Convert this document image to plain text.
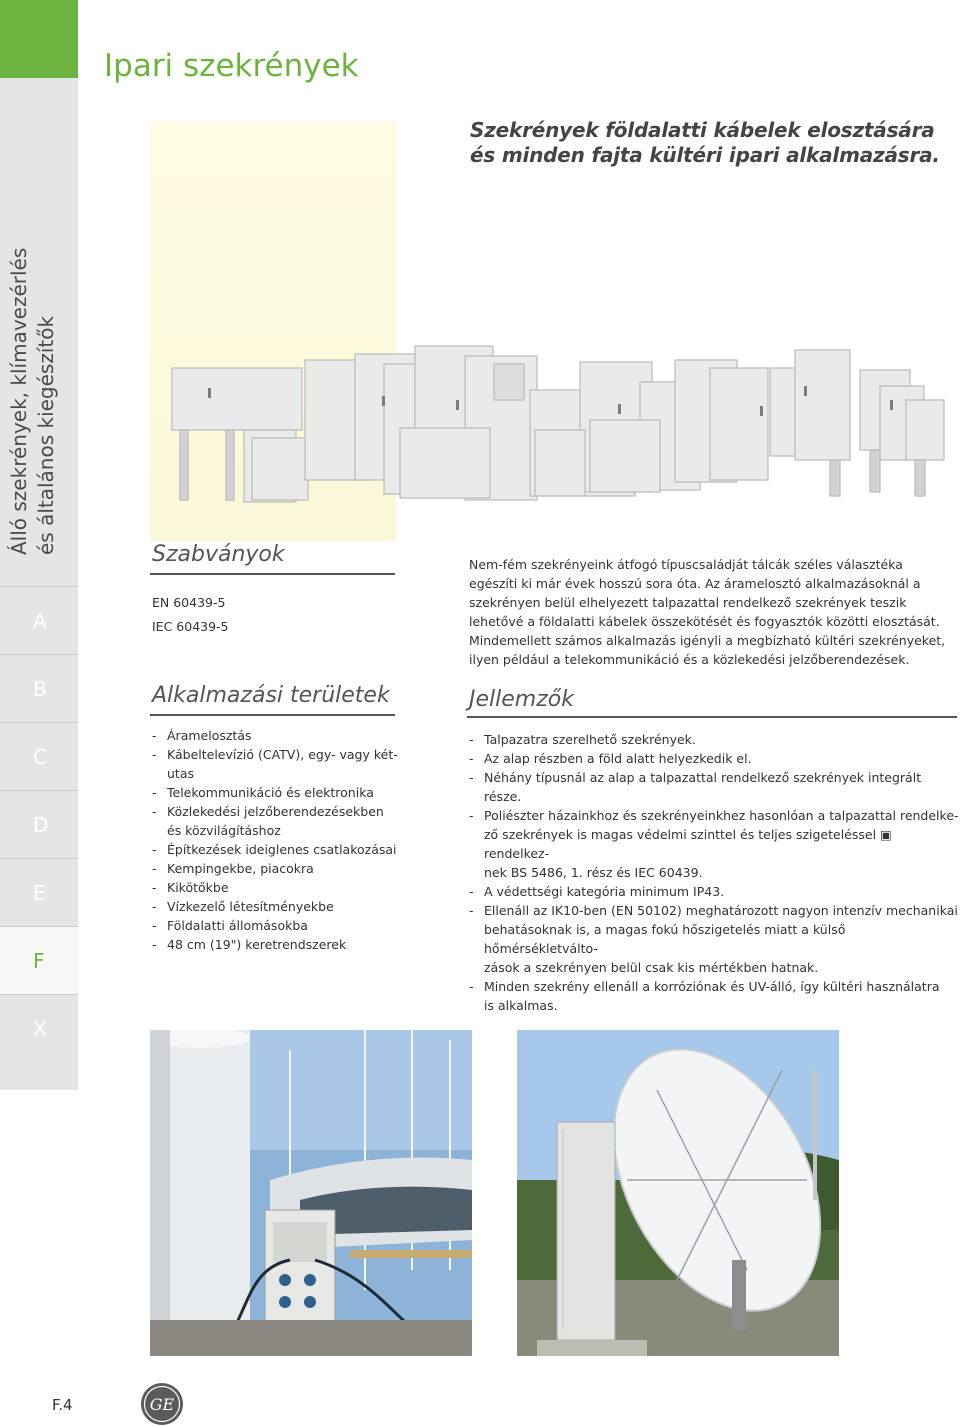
Álló szekrények, klímavezérlés és általános kiegészítők
A
B
C
D
E
F
X
Ipari szekrények
Szekrények földalatti kábelek elosztására
és minden fajta kültéri ipari alkalmazásra.
Szabványok
EN 60439-5
IEC 60439-5
Alkalmazási területek
- Áramelosztás
- Kábeltelevízió (CATV), egy- vagy két-
utas
- Telekommunikáció és elektronika
- Közlekedési jelzőberendezésekben
és közvilágításhoz
- Építkezések ideiglenes csatlakozásai
- Kempingekbe, piacokra
- Kikötőkbe
- Vízkezelő létesítményekbe
- Földalatti állomásokba
- 48 cm (19") keretrendszerek
Nem-fém szekrényeink átfogó típuscsaládját tálcák széles választéka egészíti ki már évek hosszú sora óta. Az áramelosztó alkalmazásoknál a szekrényen belül elhelyezett talpazattal rendelkező szekrények teszik lehetővé a földalatti kábelek összekötését és fogyasztók közötti elosztását.
Mindemellett számos alkalmazás igényli a megbízható kültéri szekrényeket, ilyen például a telekommunikáció és a közlekedési jelzőberendezések.
Jellemzők
- Talpazatra szerelhető szekrények.
- Az alap részben a föld alatt helyezkedik el.
- Néhány típusnál az alap a talpazattal rendelkező szekrények integrált része.
- Poliészter házainkhoz és szekrényeinkhez hasonlóan a talpazattal rendelke-
ző szekrények is magas védelmi szinttel és teljes szigeteléssel ▣ rendelkez-
nek BS 5486, 1. rész és IEC 60439.
- A védettségi kategória minimum IP43.
- Ellenáll az IK10-ben (EN 50102) meghatározott nagyon intenzív mechanikai
behatásoknak is, a magas fokú hőszigetelés miatt a külső hőmérsékletválto-
zások a szekrényen belül csak kis mértékben hatnak.
- Minden szekrény ellenáll a korróziónak és UV-álló, így kültéri használatra
is alkalmas.
F.4	GE
